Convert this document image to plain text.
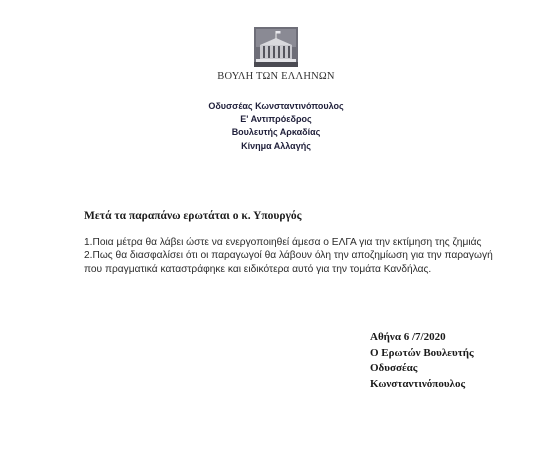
ΒΟΥΛΗ ΤΩΝ ΕΛΛΗΝΩΝ
Οδυσσέας Κωνσταντινόπουλος
Ε' Αντιπρόεδρος
Βουλευτής Αρκαδίας
Κίνημα Αλλαγής
Μετά τα παραπάνω ερωτάται ο κ. Υπουργός

1.Ποια μέτρα θα λάβει ώστε να ενεργοποιηθεί άμεσα ο ΕΛΓΑ για την εκτίμηση της ζημιάς

2.Πως θα διασφαλίσει ότι οι παραγωγοί θα λάβουν όλη την αποζημίωση για την παραγωγή που πραγματικά καταστράφηκε και ειδικότερα αυτό για την τομάτα Κανδήλας.

Αθήνα 6 /7/2020
Ο Ερωτών Βουλευτής
Οδυσσέας
Κωνσταντινόπουλος
